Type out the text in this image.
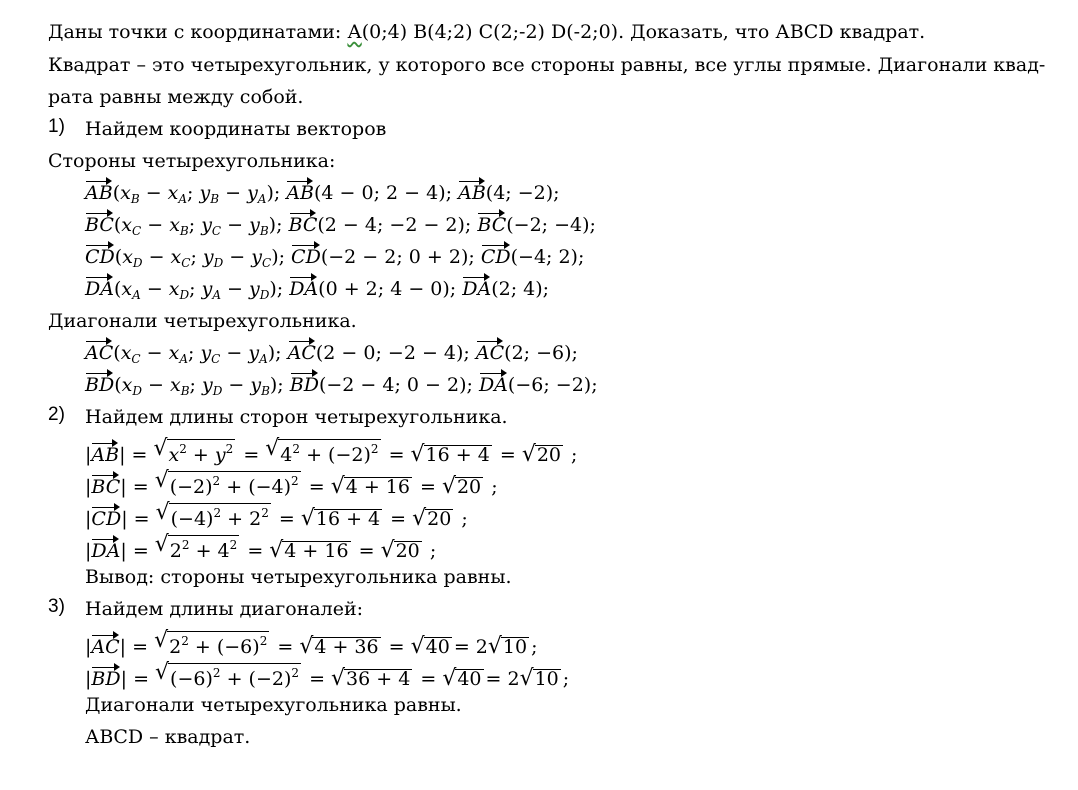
Даны точки с координатами: А(0;4) В(4;2) С(2;-2) D(-2;0). Доказать, что АВСD квадрат.
Квадрат – это четырехугольник, у которого все стороны равны, все углы прямые. Диагонали квад-
рата равны между собой.
1) Найдем координаты векторов
Стороны четырехугольника:
$AB(x_B - x_A$; $y_B - y_A$); AB(4 − 0; 2 − 4); AB(4; −2);
$BC(x_C - x_B$; $y_C - y_B$); BC(2 − 4; −2 − 2); BC(−2; −4);
$CD(x_D - x_C$; $y_D - y_C$); CD(−2 − 2; 0 + 2); CD(−4; 2);
$DA(x_A - x_D$; $y_A - y_D$); DA(0 + 2; 4 − 0); DA(2; 4);
Диагонали четырехугольника.
$AC(x_C - x_A$; $y_C - y_A$); AC(2 − 0; −2 − 4); AC(2; −6);
$BD(x_D - x_B$; $y_D - y_B$); BD(−2 − 4; 0 − 2); DA(−6; −2);
2) Найдем длины сторон четырехугольника.
|AB| = √ $x^2 + y^2$ = √ $4^2 + (-2)^2$ = √ 16 + 4 = √ 20 ;
|BC| = √ $(-2)^2 + (-4)^2$ = √ 4 + 16 = √ 20 ;
|CD| = √ $(-4)^2 + 2^2$ = √ 16 + 4 = √ 20 ;
|DA| = √ $2^2 + 4^2$ = √ 4 + 16 = √ 20 ;
Вывод: стороны четырехугольника равны.
3) Найдем длины диагоналей:
|AC| = √ $2^2 + (-6)^2$ = √ 4 + 36 = √ 40 = 2 √ 10 ;
|BD| = √ $(-6)^2 + (-2)^2$ = √ 36 + 4 = √ 40 = 2 √ 10 ;
Диагонали четырехугольника равны.
АВСD – квадрат.
